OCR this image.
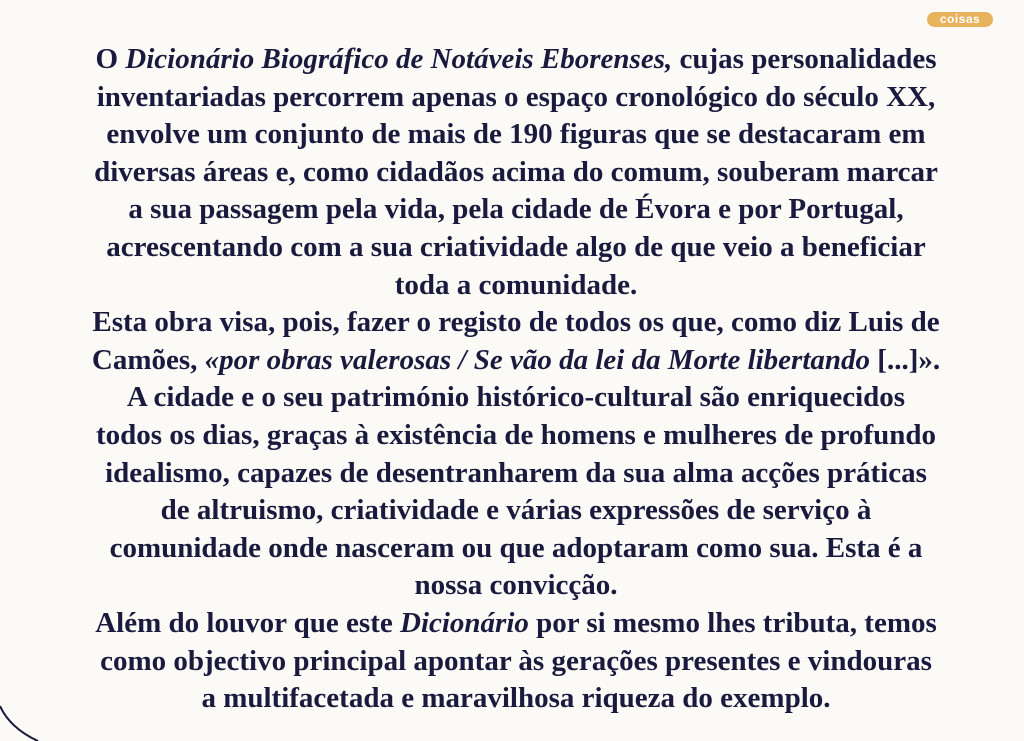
coisas
O Dicionário Biográfico de Notáveis Eborenses, cujas personalidades
inventariadas percorrem apenas o espaço cronológico do século XX,
envolve um conjunto de mais de 190 figuras que se destacaram em
diversas áreas e, como cidadãos acima do comum, souberam marcar
a sua passagem pela vida, pela cidade de Évora e por Portugal,
acrescentando com a sua criatividade algo de que veio a beneficiar
toda a comunidade.
Esta obra visa, pois, fazer o registo de todos os que, como diz Luis de
Camões, «por obras valerosas / Se vão da lei da Morte libertando [...]».
A cidade e o seu património histórico-cultural são enriquecidos
todos os dias, graças à existência de homens e mulheres de profundo
idealismo, capazes de desentranharem da sua alma acções práticas
de altruismo, criatividade e várias expressões de serviço à
comunidade onde nasceram ou que adoptaram como sua. Esta é a
nossa convicção.
Além do louvor que este Dicionário por si mesmo lhes tributa, temos
como objectivo principal apontar às gerações presentes e vindouras
a multifacetada e maravilhosa riqueza do exemplo.
